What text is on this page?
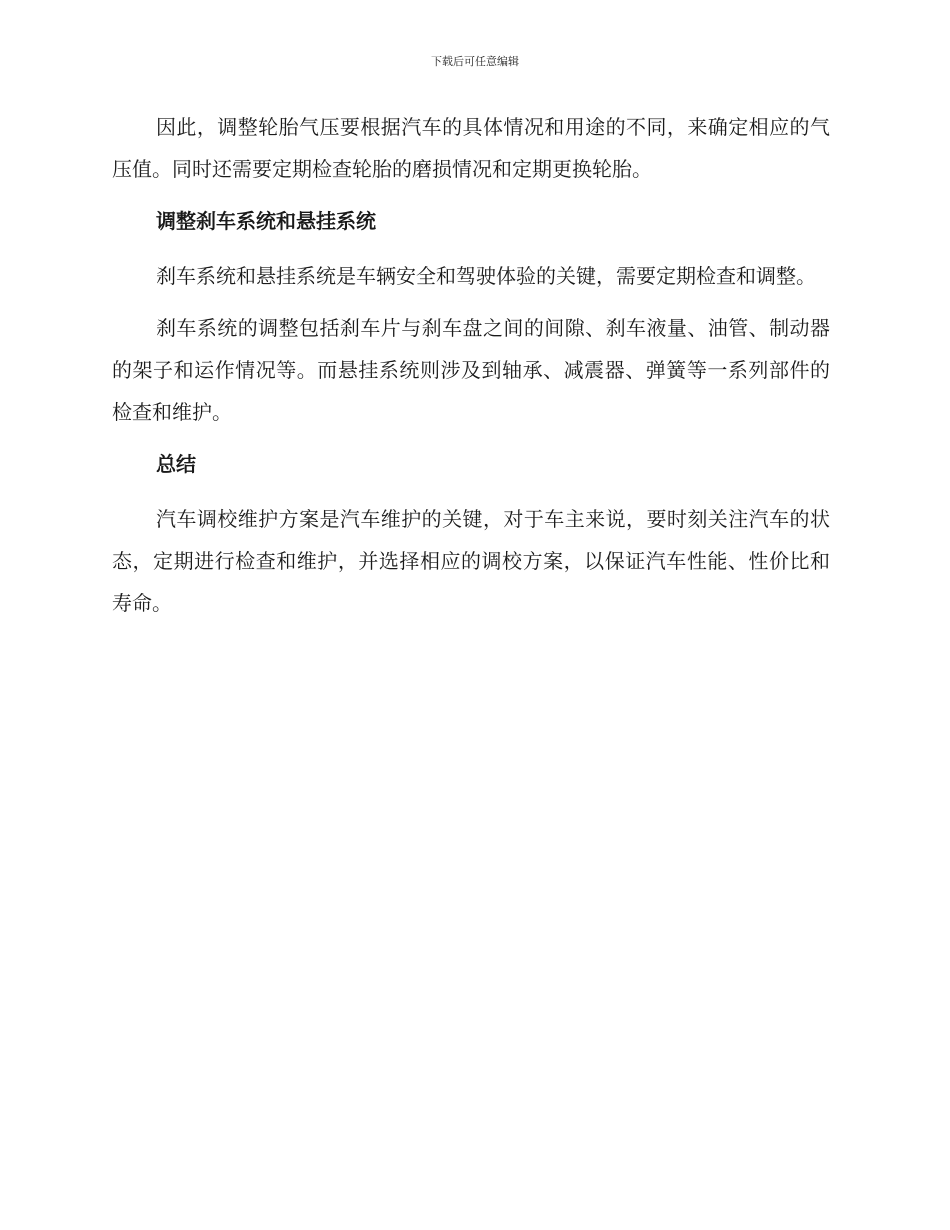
下载后可任意编辑

因此，调整轮胎气压要根据汽车的具体情况和用途的不同，来确定相应的气压值。同时还需要定期检查轮胎的磨损情况和定期更换轮胎。

调整刹车系统和悬挂系统

刹车系统和悬挂系统是车辆安全和驾驶体验的关键，需要定期检查和调整。

刹车系统的调整包括刹车片与刹车盘之间的间隙、刹车液量、油管、制动器的架子和运作情况等。而悬挂系统则涉及到轴承、减震器、弹簧等一系列部件的检查和维护。

总结

汽车调校维护方案是汽车维护的关键，对于车主来说，要时刻关注汽车的状态，定期进行检查和维护，并选择相应的调校方案，以保证汽车性能、性价比和寿命。
